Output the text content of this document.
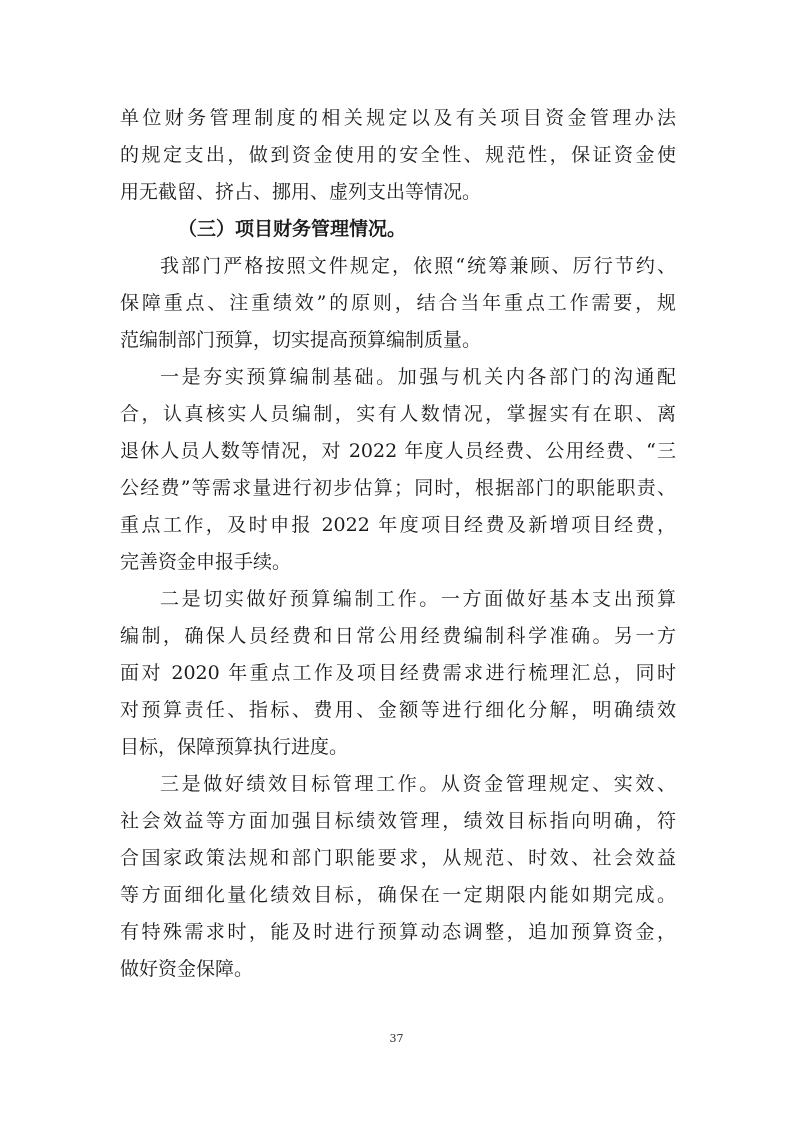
单位财务管理制度的相关规定以及有关项目资金管理办法
的规定支出，做到资金使用的安全性、规范性，保证资金使
用无截留、挤占、挪用、虚列支出等情况。
（三）项目财务管理情况。
我部门严格按照文件规定，依照“统筹兼顾、厉行节约、
保障重点、注重绩效”的原则，结合当年重点工作需要，规
范编制部门预算，切实提高预算编制质量。
一是夯实预算编制基础。加强与机关内各部门的沟通配
合，认真核实人员编制，实有人数情况，掌握实有在职、离
退休人员人数等情况，对 2022 年度人员经费、公用经费、“三
公经费”等需求量进行初步估算；同时，根据部门的职能职责、
重点工作，及时申报 2022 年度项目经费及新增项目经费，
完善资金申报手续。
二是切实做好预算编制工作。一方面做好基本支出预算
编制，确保人员经费和日常公用经费编制科学准确。另一方
面对 2020 年重点工作及项目经费需求进行梳理汇总，同时
对预算责任、指标、费用、金额等进行细化分解，明确绩效
目标，保障预算执行进度。
三是做好绩效目标管理工作。从资金管理规定、实效、
社会效益等方面加强目标绩效管理，绩效目标指向明确，符
合国家政策法规和部门职能要求，从规范、时效、社会效益
等方面细化量化绩效目标，确保在一定期限内能如期完成。
有特殊需求时，能及时进行预算动态调整，追加预算资金，
做好资金保障。
37
